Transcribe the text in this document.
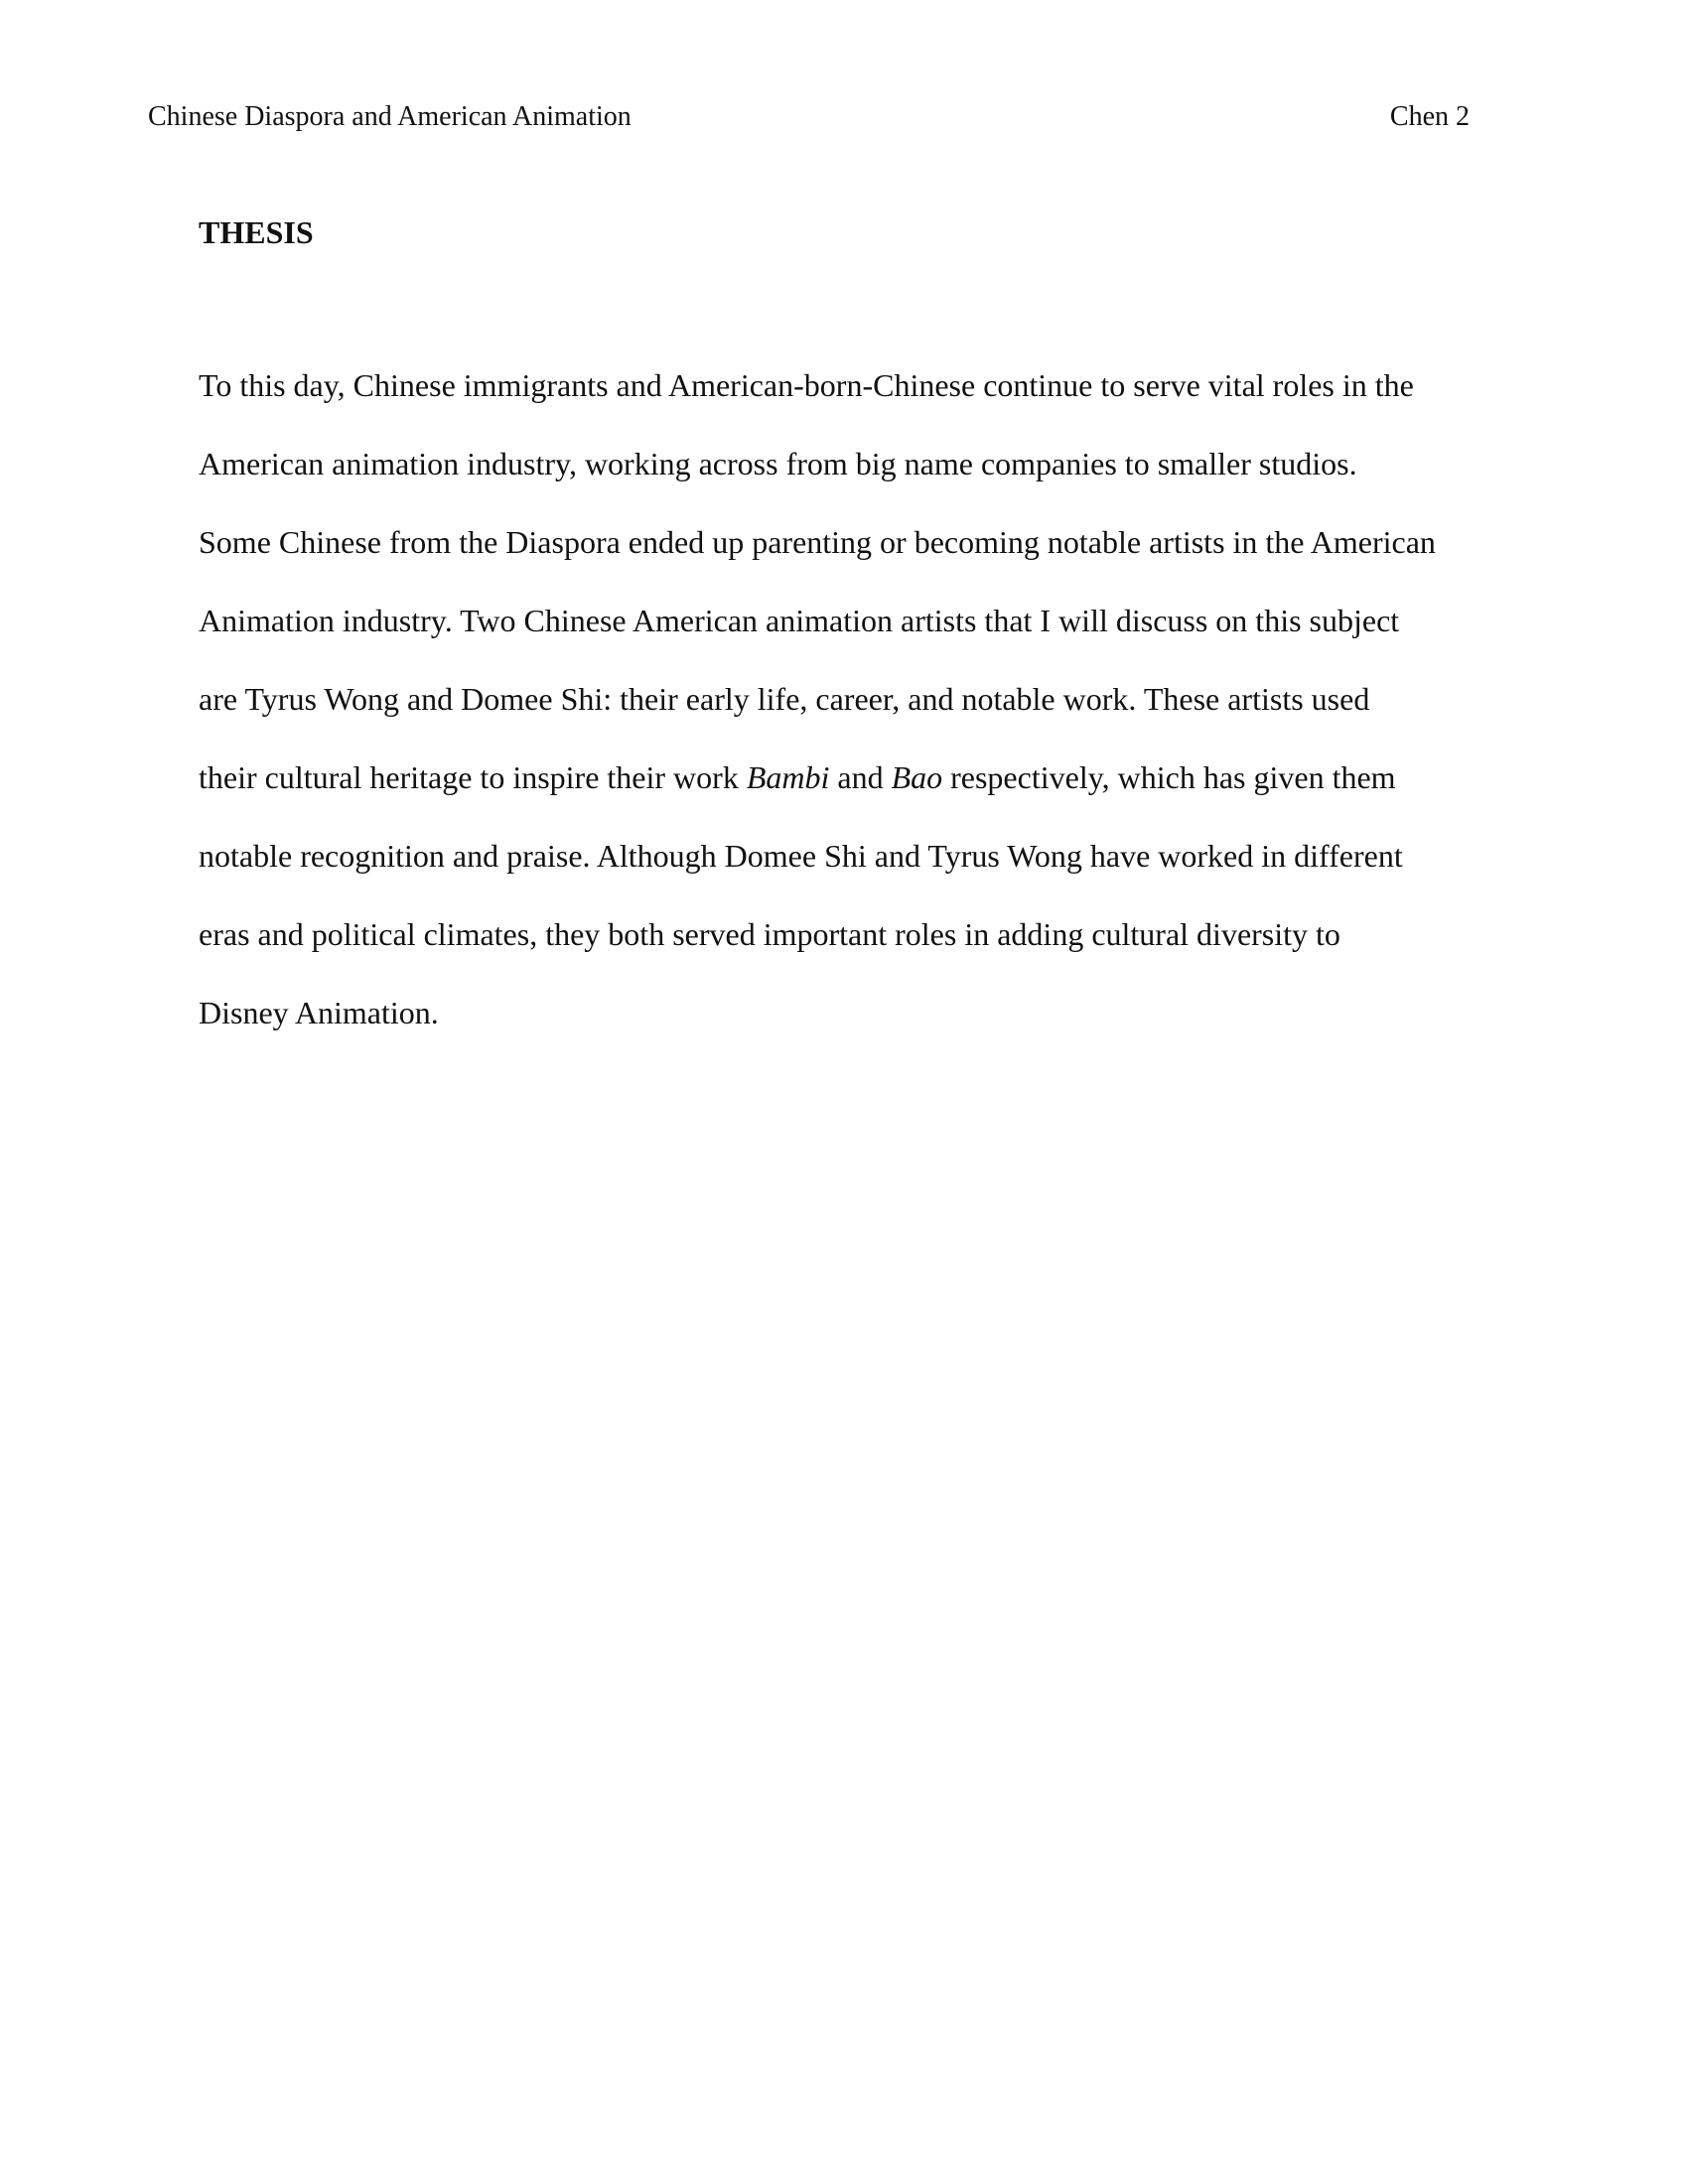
Chinese Diaspora and American Animation	Chen 2
THESIS
To this day, Chinese immigrants and American-born-Chinese continue to serve vital roles in the
American animation industry, working across from big name companies to smaller studios.
Some Chinese from the Diaspora ended up parenting or becoming notable artists in the American
Animation industry. Two Chinese American animation artists that I will discuss on this subject
are Tyrus Wong and Domee Shi: their early life, career, and notable work. These artists used
their cultural heritage to inspire their work Bambi and Bao respectively, which has given them
notable recognition and praise. Although Domee Shi and Tyrus Wong have worked in different
eras and political climates, they both served important roles in adding cultural diversity to
Disney Animation.
